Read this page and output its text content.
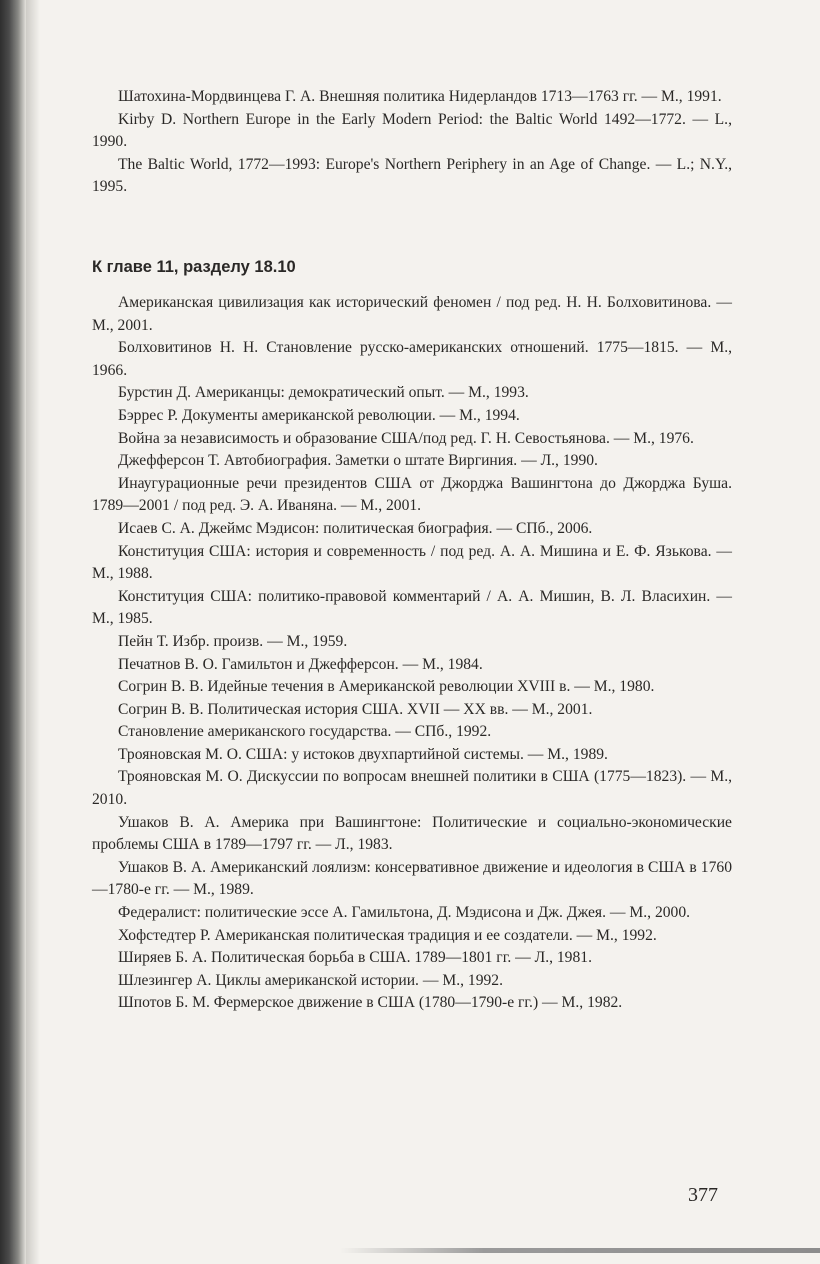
Шатохина-Мордвинцева Г. А. Внешняя политика Нидерландов 1713—1763 гг. — М., 1991.

Kirby D. Northern Europe in the Early Modern Period: the Baltic World 1492—1772. — L., 1990.

The Baltic World, 1772—1993: Europe's Northern Periphery in an Age of Change. — L.; N.Y., 1995.

К главе 11, разделу 18.10

Американская цивилизация как исторический феномен / под ред. Н. Н. Болховитинова. — М., 2001.

Болховитинов Н. Н. Становление русско-американских отношений. 1775—1815. — М., 1966.

Бурстин Д. Американцы: демократический опыт. — М., 1993.

Бэррес Р. Документы американской революции. — М., 1994.

Война за независимость и образование США/под ред. Г. Н. Севостьянова. — М., 1976.

Джефферсон Т. Автобиография. Заметки о штате Виргиния. — Л., 1990.

Инаугурационные речи президентов США от Джорджа Вашингтона до Джорджа Буша. 1789—2001 / под ред. Э. А. Иваняна. — М., 2001.

Исаев С. А. Джеймс Мэдисон: политическая биография. — СПб., 2006.

Конституция США: история и современность / под ред. А. А. Мишина и Е. Ф. Язькова. — М., 1988.

Конституция США: политико-правовой комментарий / А. А. Мишин, В. Л. Власихин. — М., 1985.

Пейн Т. Избр. произв. — М., 1959.

Печатнов В. О. Гамильтон и Джефферсон. — М., 1984.

Согрин В. В. Идейные течения в Американской революции XVIII в. — М., 1980.

Согрин В. В. Политическая история США. XVII — XX вв. — М., 2001.

Становление американского государства. — СПб., 1992.

Трояновская М. О. США: у истоков двухпартийной системы. — М., 1989.

Трояновская М. О. Дискуссии по вопросам внешней политики в США (1775—1823). — М., 2010.

Ушаков В. А. Америка при Вашингтоне: Политические и социально-экономические проблемы США в 1789—1797 гг. — Л., 1983.

Ушаков В. А. Американский лоялизм: консервативное движение и идеология в США в 1760—1780-е гг. — М., 1989.

Федералист: политические эссе А. Гамильтона, Д. Мэдисона и Дж. Джея. — М., 2000.

Хофстедтер Р. Американская политическая традиция и ее создатели. — М., 1992.

Ширяев Б. А. Политическая борьба в США. 1789—1801 гг. — Л., 1981.

Шлезингер А. Циклы американской истории. — М., 1992.

Шпотов Б. М. Фермерское движение в США (1780—1790-е гг.) — М., 1982.

377
